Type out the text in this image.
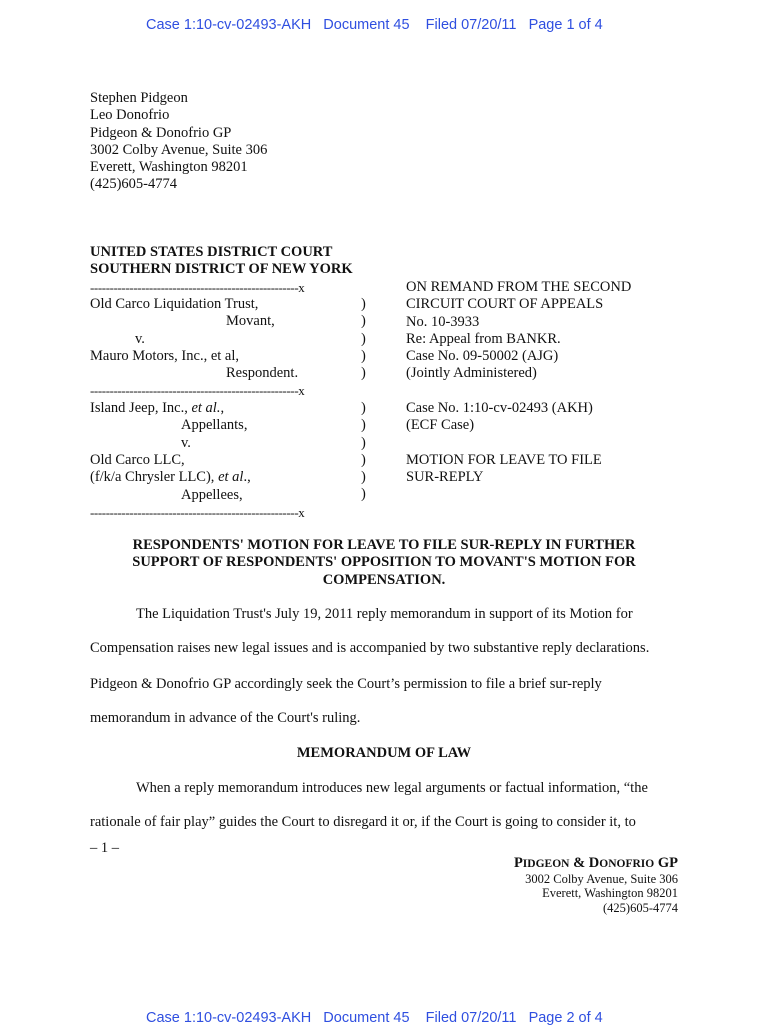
Case 1:10-cv-02493-AKH   Document 45    Filed 07/20/11   Page 1 of 4
Stephen Pidgeon
Leo Donofrio
Pidgeon & Donofrio GP
3002 Colby Avenue, Suite 306
Everett, Washington 98201
(425)605-4774
UNITED STATES DISTRICT COURT
SOUTHERN DISTRICT OF NEW YORK
-----------------------------------------------------x
-----------------------------------------------------x
-----------------------------------------------------x
Old Carco Liquidation Trust,
Movant,
v.
Mauro Motors, Inc., et al,
Respondent.
Island Jeep, Inc., et al.,
Appellants,
v.
Old Carco LLC,
(f/k/a Chrysler LLC), et al.,
Appellees,
)
)
)
)
)
)
)
)
)
)
)
ON REMAND FROM THE SECOND
CIRCUIT COURT OF APPEALS
No. 10-3933
Re: Appeal from BANKR.
Case No. 09-50002 (AJG)
(Jointly Administered)
Case No. 1:10-cv-02493 (AKH)
(ECF Case)
MOTION FOR LEAVE TO FILE
SUR-REPLY
RESPONDENTS' MOTION FOR LEAVE TO FILE SUR-REPLY IN FURTHER
SUPPORT OF RESPONDENTS' OPPOSITION TO MOVANT'S MOTION FOR
COMPENSATION.
The Liquidation Trust's July 19, 2011 reply memorandum in support of its Motion for
Compensation raises new legal issues and is accompanied by two substantive reply declarations.
Pidgeon & Donofrio GP accordingly seek the Court’s permission to file a brief sur-reply
memorandum in advance of the Court's ruling.
MEMORANDUM OF LAW
When a reply memorandum introduces new legal arguments or factual information, “the
rationale of fair play” guides the Court to disregard it or, if the Court is going to consider it, to
– 1 –
PIDGEON & DONOFRIO GP
3002 Colby Avenue, Suite 306
Everett, Washington 98201
(425)605-4774
Case 1:10-cv-02493-AKH   Document 45    Filed 07/20/11   Page 2 of 4
